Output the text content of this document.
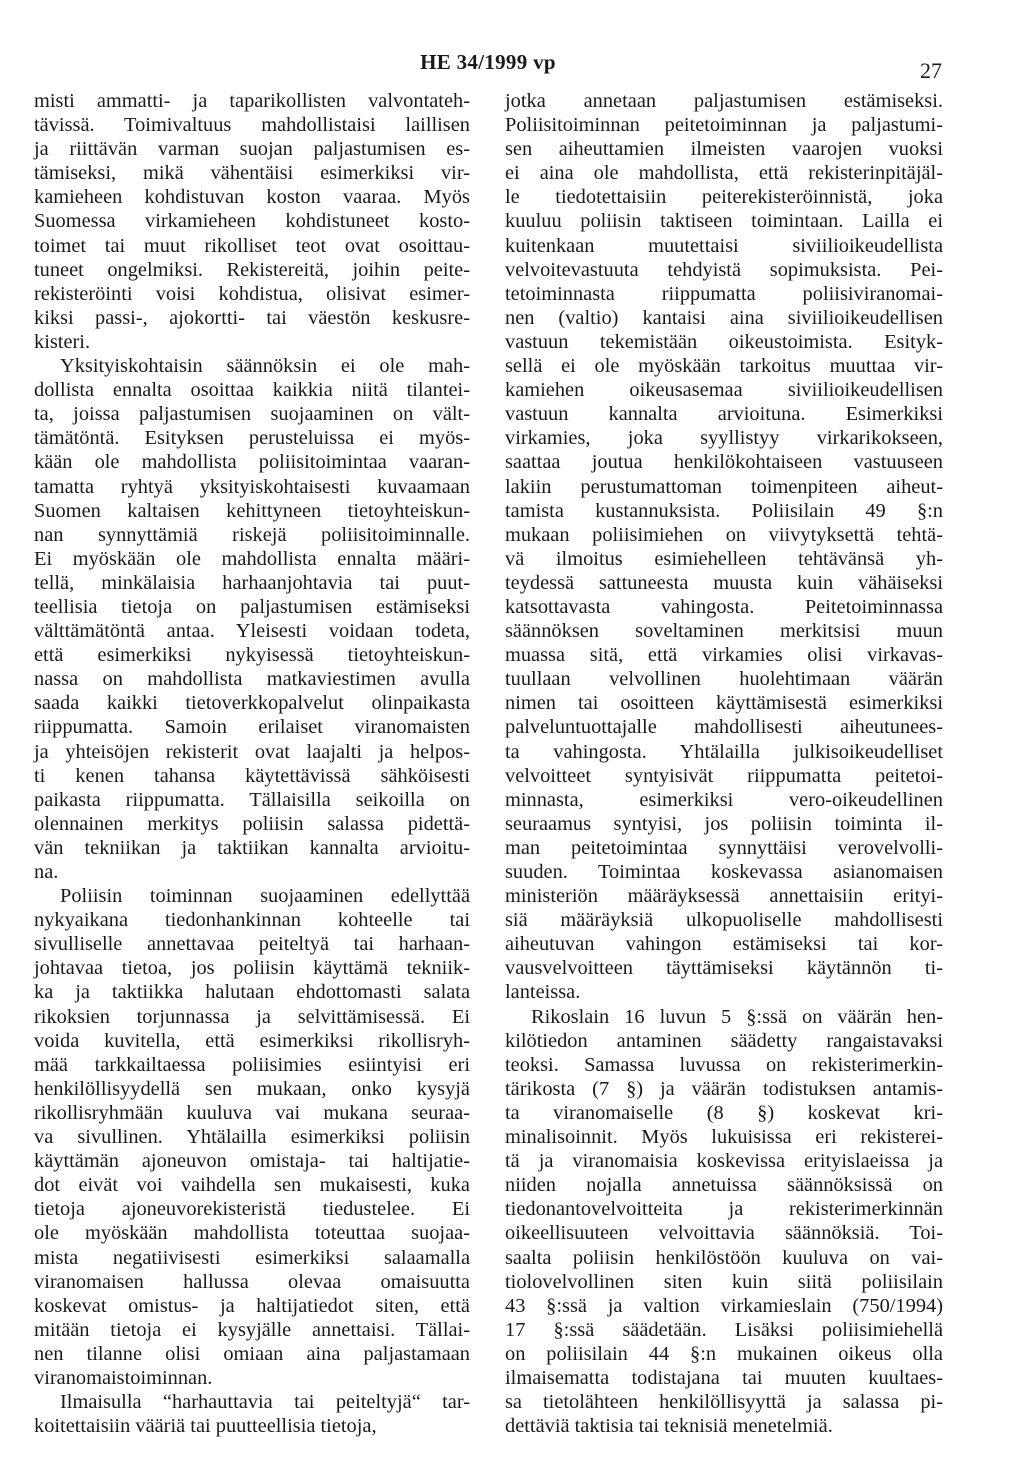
HE 34/1999 vp	27

misti ammatti- ja taparikollisten valvontateh-
tävissä. Toimivaltuus mahdollistaisi laillisen
ja riittävän varman suojan paljastumisen es-
tämiseksi, mikä vähentäisi esimerkiksi vir-
kamieheen kohdistuvan koston vaaraa. Myös
Suomessa virkamieheen kohdistuneet kosto-
toimet tai muut rikolliset teot ovat osoittau-
tuneet ongelmiksi. Rekistereitä, joihin peite-
rekisteröinti voisi kohdistua, olisivat esimer-
kiksi passi-, ajokortti- tai väestön keskusre-
kisteri.

Yksityiskohtaisin säännöksin ei ole mah-
dollista ennalta osoittaa kaikkia niitä tilantei-
ta, joissa paljastumisen suojaaminen on vält-
tämätöntä. Esityksen perusteluissa ei myös-
kään ole mahdollista poliisitoimintaa vaaran-
tamatta ryhtyä yksityiskohtaisesti kuvaamaan
Suomen kaltaisen kehittyneen tietoyhteiskun-
nan synnyttämiä riskejä poliisitoiminnalle.
Ei myöskään ole mahdollista ennalta määri-
tellä, minkälaisia harhaanjohtavia tai puut-
teellisia tietoja on paljastumisen estämiseksi
välttämätöntä antaa. Yleisesti voidaan todeta,
että esimerkiksi nykyisessä tietoyhteiskun-
nassa on mahdollista matkaviestimen avulla
saada kaikki tietoverkkopalvelut olinpaikasta
riippumatta. Samoin erilaiset viranomaisten
ja yhteisöjen rekisterit ovat laajalti ja helpos-
ti kenen tahansa käytettävissä sähköisesti
paikasta riippumatta. Tällaisilla seikoilla on
olennainen merkitys poliisin salassa pidettä-
vän tekniikan ja taktiikan kannalta arvioitu-
na.

Poliisin toiminnan suojaaminen edellyttää
nykyaikana tiedonhankinnan kohteelle tai
sivulliselle annettavaa peiteltyä tai harhaan-
johtavaa tietoa, jos poliisin käyttämä tekniik-
ka ja taktiikka halutaan ehdottomasti salata
rikoksien torjunnassa ja selvittämisessä. Ei
voida kuvitella, että esimerkiksi rikollisryh-
mää tarkkailtaessa poliisimies esiintyisi eri
henkilöllisyydellä sen mukaan, onko kysyjä
rikollisryhmään kuuluva vai mukana seuraa-
va sivullinen. Yhtälailla esimerkiksi poliisin
käyttämän ajoneuvon omistaja- tai haltijatie-
dot eivät voi vaihdella sen mukaisesti, kuka
tietoja ajoneuvorekisteristä tiedustelee. Ei
ole myöskään mahdollista toteuttaa suojaa-
mista negatiivisesti esimerkiksi salaamalla
viranomaisen hallussa olevaa omaisuutta
koskevat omistus- ja haltijatiedot siten, että
mitään tietoja ei kysyjälle annettaisi. Tällai-
nen tilanne olisi omiaan aina paljastamaan
viranomaistoiminnan.

Ilmaisulla “harhauttavia tai peiteltyjä“ tar-
koitettaisiin vääriä tai puutteellisia tietoja,

jotka annetaan paljastumisen estämiseksi.
Poliisitoiminnan peitetoiminnan ja paljastumi-
sen aiheuttamien ilmeisten vaarojen vuoksi
ei aina ole mahdollista, että rekisterinpitäjäl-
le tiedotettaisiin peiterekisteröinnistä, joka
kuuluu poliisin taktiseen toimintaan. Lailla ei
kuitenkaan muutettaisi siviilioikeudellista
velvoitevastuuta tehdyistä sopimuksista. Pei-
tetoiminnasta riippumatta poliisiviranomai-
nen (valtio) kantaisi aina siviilioikeudellisen
vastuun tekemistään oikeustoimista. Esityk-
sellä ei ole myöskään tarkoitus muuttaa vir-
kamiehen oikeusasemaa siviilioikeudellisen
vastuun kannalta arvioituna. Esimerkiksi
virkamies, joka syyllistyy virkarikokseen,
saattaa joutua henkilökohtaiseen vastuuseen
lakiin perustumattoman toimenpiteen aiheut-
tamista kustannuksista. Poliisilain 49 §:n
mukaan poliisimiehen on viivytyksettä tehtä-
vä ilmoitus esimiehelleen tehtävänsä yh-
teydessä sattuneesta muusta kuin vähäiseksi
katsottavasta vahingosta. Peitetoiminnassa
säännöksen soveltaminen merkitsisi muun
muassa sitä, että virkamies olisi virkavas-
tuullaan velvollinen huolehtimaan väärän
nimen tai osoitteen käyttämisestä esimerkiksi
palveluntuottajalle mahdollisesti aiheutunees-
ta vahingosta. Yhtälailla julkisoikeudelliset
velvoitteet syntyisivät riippumatta peitetoi-
minnasta, esimerkiksi vero-oikeudellinen
seuraamus syntyisi, jos poliisin toiminta il-
man peitetoimintaa synnyttäisi verovelvolli-
suuden. Toimintaa koskevassa asianomaisen
ministeriön määräyksessä annettaisiin erityi-
siä määräyksiä ulkopuoliselle mahdollisesti
aiheutuvan vahingon estämiseksi tai kor-
vausvelvoitteen täyttämiseksi käytännön ti-
lanteissa.

Rikoslain 16 luvun 5 §:ssä on väärän hen-
kilötiedon antaminen säädetty rangaistavaksi
teoksi. Samassa luvussa on rekisterimerkin-
tärikosta (7 §) ja väärän todistuksen antamis-
ta viranomaiselle (8 §) koskevat kri-
minalisoinnit. Myös lukuisissa eri rekisterei-
tä ja viranomaisia koskevissa erityislaeissa ja
niiden nojalla annetuissa säännöksissä on
tiedonantovelvoitteita ja rekisterimerkinnän
oikeellisuuteen velvoittavia säännöksiä. Toi-
saalta poliisin henkilöstöön kuuluva on vai-
tiolovelvollinen siten kuin siitä poliisilain
43 §:ssä ja valtion virkamieslain (750/1994)
17 §:ssä säädetään. Lisäksi poliisimiehellä
on poliisilain 44 §:n mukainen oikeus olla
ilmaisematta todistajana tai muuten kuultaes-
sa tietolähteen henkilöllisyyttä ja salassa pi-
dettäviä taktisia tai teknisiä menetelmiä.
